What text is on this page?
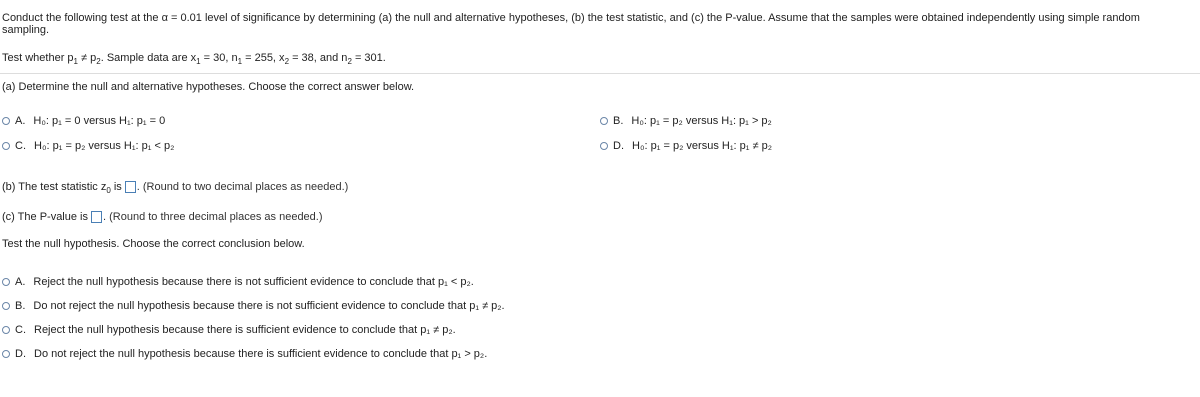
Conduct the following test at the α = 0.01 level of significance by determining (a) the null and alternative hypotheses, (b) the test statistic, and (c) the P-value. Assume that the samples were obtained independently using simple random
sampling.
Test whether $p_1 \ne p_2$. Sample data are $x_1 = 30$, $n_1 = 255$, $x_2 = 38$, and $n_2 = 301$.
(a) Determine the null and alternative hypotheses. Choose the correct answer below.
A. H₀: p₁ = 0 versus H₁: p₁ = 0	B. H₀: p₁ = p₂ versus H₁: p₁ > p₂
C. H₀: p₁ = p₂ versus H₁: p₁ < p₂	D. H₀: p₁ = p₂ versus H₁: p₁ ≠ p₂
(b) The test statistic $z_0$ is . (Round to two decimal places as needed.)
(c) The P-value is . (Round to three decimal places as needed.)
Test the null hypothesis. Choose the correct conclusion below.
A. Reject the null hypothesis because there is not sufficient evidence to conclude that p₁ < p₂.
B. Do not reject the null hypothesis because there is not sufficient evidence to conclude that p₁ ≠ p₂.
C. Reject the null hypothesis because there is sufficient evidence to conclude that p₁ ≠ p₂.
D. Do not reject the null hypothesis because there is sufficient evidence to conclude that p₁ > p₂.
